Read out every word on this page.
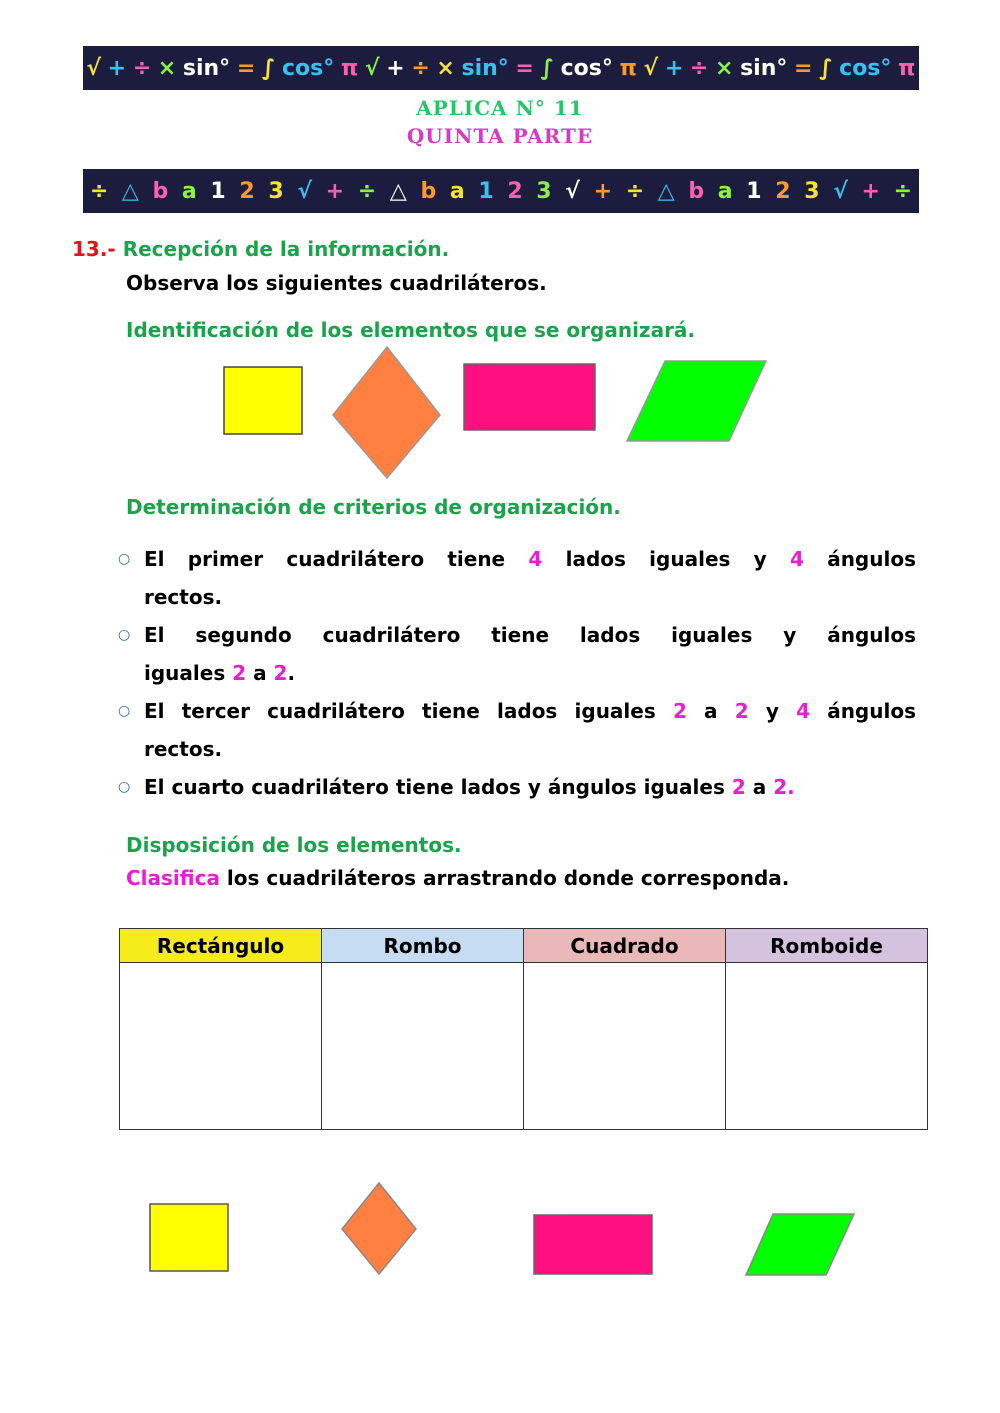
√ + ÷ × sin° = ∫ cos° π √ + ÷ × sin° = ∫ cos° π √ + ÷ × sin° = ∫ cos° π
APLICA N° 11
QUINTA PARTE
÷ △ b a 1 2 3 √ + ÷ △ b a 1 2 3 √ + ÷ △ b a 1 2 3 √ + ÷
13.- Recepción de la información.
Observa los siguientes cuadriláteros.
Identificación de los elementos que se organizará.
Determinación de criterios de organización.
○ El primer cuadrilátero tiene 4 lados iguales y 4 ángulos
rectos.
○ El segundo cuadrilátero tiene lados iguales y ángulos
iguales 2 a 2.
○ El tercer cuadrilátero tiene lados iguales 2 a 2 y 4 ángulos
rectos.
○ El cuarto cuadrilátero tiene lados y ángulos iguales 2 a 2.
Disposición de los elementos.
Clasifica los cuadriláteros arrastrando donde corresponda.
Rectángulo	Rombo	Cuadrado	Romboide
